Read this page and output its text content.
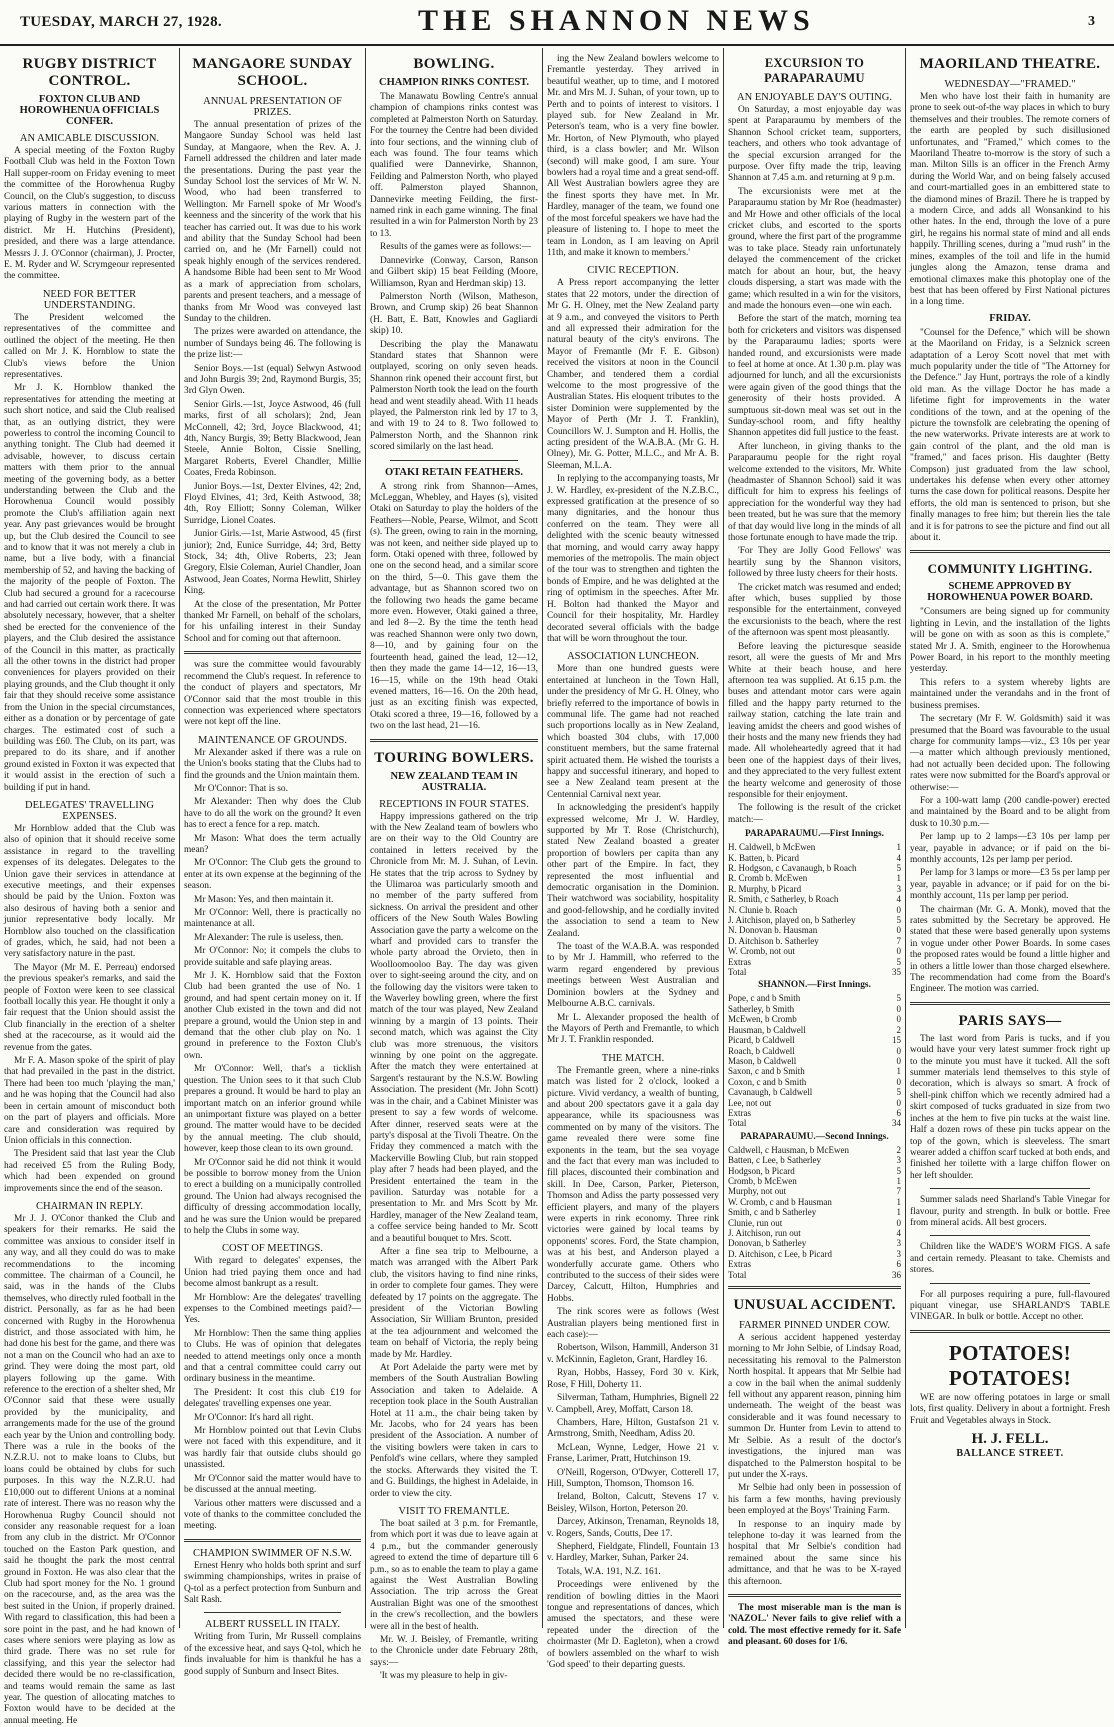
TUESDAY, MARCH 27, 1928.	THE SHANNON NEWS	3
RUGBY DISTRICT CONTROL.
FOXTON CLUB AND HOROWHENUA OFFICIALS CONFER.
AN AMICABLE DISCUSSION.

A special meeting of the Foxton Rugby Football Club was held in the Foxton Town Hall supper-room on Friday evening to meet the committee of the Horowhenua Rugby Council, on the Club's suggestion, to discuss various matters in connection with the playing of Rugby in the western part of the district. Mr H. Hutchins (President), presided, and there was a large attendance. Messrs J. J. O'Connor (chairman), J. Procter, E. M. Ryder and W. Scrymgeour represented the committee.

NEED FOR BETTER UNDERSTANDING.

The President welcomed the representatives of the committee and outlined the object of the meeting. He then called on Mr J. K. Hornblow to state the Club's views before the Union representatives.

Mr J. K. Hornblow thanked the representatives for attending the meeting at such short notice, and said the Club realised that, as an outlying district, they were powerless to control the incoming Council to anything tonight. The Club had deemed it advisable, however, to discuss certain matters with them prior to the annual meeting of the governing body, as a better understanding between the Club and the Horowhenua Council would possibly promote the Club's affiliation again next year. Any past grievances would be brought up, but the Club desired the Council to see and to know that it was not merely a club in name, but a live body, with a financial membership of 52, and having the backing of the majority of the people of Foxton. The Club had secured a ground for a racecourse and had carried out certain work there. It was absolutely necessary, however, that a shelter shed be erected for the convenience of the players, and the Club desired the assistance of the Council in this matter, as practically all the other towns in the district had proper conveniences for players provided on their playing grounds, and the Club thought it only fair that they should receive some assistance from the Union in the special circumstances, either as a donation or by percentage of gate charges. The estimated cost of such a building was £60. The Club, on its part, was prepared to do its share, and if another ground existed in Foxton it was expected that it would assist in the erection of such a building if put in hand.

DELEGATES' TRAVELLING EXPENSES.

Mr Hornblow added that the Club was also of opinion that it should receive some assistance in regard to the travelling expenses of its delegates. Delegates to the Union gave their services in attendance at executive meetings, and their expenses should be paid by the Union. Foxton was also desirous of having both a senior and junior representative body locally. Mr Hornblow also touched on the classification of grades, which, he said, had not been a very satisfactory nature in the past.

The Mayor (Mr M. E. Perreau) endorsed the previous speaker's remarks, and said the people of Foxton were keen to see classical football locally this year. He thought it only a fair request that the Union should assist the Club financially in the erection of a shelter shed at the racecourse, as it would aid the revenue from the gates.

Mr F. A. Mason spoke of the spirit of play that had prevailed in the past in the district. There had been too much 'playing the man,' and he was hoping that the Council had also been in certain amount of misconduct both on the part of players and officials. More care and consideration was required by Union officials in this connection.

The President said that last year the Club had received £5 from the Ruling Body, which had been expended on ground improvements since the end of the season.

CHAIRMAN IN REPLY.

Mr J. J. O'Conor thanked the Club and speakers for their remarks. He said the committee was anxious to consider itself in any way, and all they could do was to make recommendations to the incoming committee. The chairman of a Council, he said, was in the hands of the Clubs themselves, who directly ruled football in the district. Personally, as far as he had been concerned with Rugby in the Horowhenua district, and those associated with him, he had done his best for the game, and there was not a man on the Council who had an axe to grind. They were doing the most part, old players following up the game. With reference to the erection of a shelter shed, Mr O'Connor said that these were usually provided by the municipality, and arrangements made for the use of the ground each year by the Union and controlling body. There was a rule in the books of the N.Z.R.U. not to make loans to Clubs, but loans could be obtained by clubs for such purposes. In this way the N.Z.R.U. had £10,000 out to different Unions at a nominal rate of interest. There was no reason why the Horowhenua Rugby Council should not consider any reasonable request for a loan from any club in the district. Mr O'Connor touched on the Easton Park question, and said he thought the park the most central ground in Foxton. He was also clear that the Club had sport money for the No. 1 ground on the racecourse, and, as the area was the best suited in the Union, if properly drained. With regard to classification, this had been a sore point in the past, and he had known of cases where seniors were playing as low as third grade. There was no set rule for classifying, and this year the selector had decided there would be no re-classification, and teams would remain the same as last year. The question of allocating matches to Foxton would have to be decided at the annual meeting. He

MANGAORE SUNDAY SCHOOL.
ANNUAL PRESENTATION OF PRIZES.

The annual presentation of prizes of the Mangaore Sunday School was held last Sunday, at Mangaore, when the Rev. A. J. Farnell addressed the children and later made the presentations. During the past year the Sunday School lost the services of Mr W. N. Wood, who had been transferred to Wellington. Mr Farnell spoke of Mr Wood's keenness and the sincerity of the work that his teacher has carried out. It was due to his work and ability that the Sunday School had been carried on, and he (Mr Farnell) could not speak highly enough of the services rendered. A handsome Bible had been sent to Mr Wood as a mark of appreciation from scholars, parents and present teachers, and a message of thanks from Mr Wood was conveyed last Sunday to the children.

The prizes were awarded on attendance, the number of Sundays being 46. The following is the prize list:—

Senior Boys.—1st (equal) Selwyn Astwood and John Burgis 39; 2nd, Raymond Burgis, 35; 3rd Glyn Owen.

Senior Girls.—1st, Joyce Astwood, 46 (full marks, first of all scholars); 2nd, Jean McConnell, 42; 3rd, Joyce Blackwood, 41; 4th, Nancy Burgis, 39; Betty Blackwood, Jean Steele, Annie Bolton, Cissie Snelling, Margaret Roberts, Everel Chandler, Millie Coates, Freda Robinson.

Junior Boys.—1st, Dexter Elvines, 42; 2nd, Floyd Elvines, 41; 3rd, Keith Astwood, 38; 4th, Roy Elliott; Sonny Coleman, Wilker Surridge, Lionel Coates.

Junior Girls.—1st, Marie Astwood, 45 (first junior); 2nd, Eunice Surridge, 44; 3rd, Betty Stock, 34; 4th, Olive Roberts, 23; Jean Gregory, Elsie Coleman, Auriel Chandler, Joan Astwood, Jean Coates, Norma Hewlitt, Shirley King.

At the close of the presentation, Mr Potter thanked Mr Farnell, on behalf of the scholars, for his unfailing interest in their Sunday School and for coming out that afternoon.

was sure the committee would favourably recommend the Club's request. In reference to the conduct of players and spectators, Mr O'Connor said that the most trouble in this connection was experienced where spectators were not kept off the line.

MAINTENANCE OF GROUNDS.

Mr Alexander asked if there was a rule on the Union's books stating that the Clubs had to find the grounds and the Union maintain them.

Mr O'Connor: That is so.

Mr Alexander: Then why does the Club have to do all the work on the ground? It even has to erect a fence for a rep. match.

Mr Mason: What does the term actually mean?

Mr O'Connor: The Club gets the ground to enter at its own expense at the beginning of the season.

Mr Mason: Yes, and then maintain it.

Mr O'Connor: Well, there is practically no maintenance at all.

Mr Alexander: The rule is useless, then.

Mr O'Connor: No; it compels the clubs to provide suitable and safe playing areas.

Mr J. K. Hornblow said that the Foxton Club had been granted the use of No. 1 ground, and had spent certain money on it. If another Club existed in the town and did not prepare a ground, would the Union step in and demand that the other club play on No. 1 ground in preference to the Foxton Club's own.

Mr O'Connor: Well, that's a ticklish question. The Union sees to it that such Club prepares a ground. It would be hard to play an important match on an inferior ground while an unimportant fixture was played on a better ground. The matter would have to be decided by the annual meeting. The club should, however, keep those clean to its own ground.

Mr O'Connor said he did not think it would be possible to borrow money from the Union to erect a building on a municipally controlled ground. The Union had always recognised the difficulty of dressing accommodation locally, and he was sure the Union would be prepared to help the Clubs in some way.

COST OF MEETINGS.

With regard to delegates' expenses, the Union had tried paying them once and had become almost bankrupt as a result.

Mr Hornblow: Are the delegates' travelling expenses to the Combined meetings paid?—Yes.

Mr Hornblow: Then the same thing applies to Clubs. He was of opinion that delegates needed to attend meetings only once a month and that a central committee could carry out ordinary business in the meantime.

The President: It cost this club £19 for delegates' travelling expenses one year.

Mr O'Connor: It's hard all right.

Mr Hornblow pointed out that Levin Clubs were not faced with this expenditure, and it was hardly fair that outside clubs should go unassisted.

Mr O'Connor said the matter would have to be discussed at the annual meeting.

Various other matters were discussed and a vote of thanks to the committee concluded the meeting.

CHAMPION SWIMMER OF N.S.W.

Ernest Henry who holds both sprint and surf swimming championships, writes in praise of Q-tol as a perfect protection from Sunburn and Salt Rash.

ALBERT RUSSELL IN ITALY.

Writing from Turin, Mr Russell complains of the excessive heat, and says Q-tol, which he finds invaluable for him is thankful he has a good supply of Sunburn and Insect Bites.

BOWLING.
CHAMPION RINKS CONTEST.

The Manawatu Bowling Centre's annual champion of champions rinks contest was completed at Palmerston North on Saturday. For the tourney the Centre had been divided into four sections, and the winning club of each was found. The four teams which qualified were Dannevirke, Shannon, Feilding and Palmerston North, who played off. Palmerston played Shannon, Dannevirke meeting Feilding, the first-named rink in each game winning. The final resulted in a win for Palmerston North by 23 to 13.

Results of the games were as follows:—

Dannevirke (Conway, Carson, Ranson and Gilbert skip) 15 beat Feilding (Moore, Williamson, Ryan and Herdman skip) 13.

Palmerston North (Wilson, Matheson, Brown, and Crump skip) 26 beat Shannon (H. Batt, E. Batt, Knowles and Gagliardi skip) 10.

Describing the play the Manawatu Standard states that Shannon were outplayed, scoring on only seven heads. Shannon rink opened their account first, but Palmerston North took the lead on the fourth head and went steadily ahead. With 11 heads played, the Palmerston rink led by 17 to 3, and with 19 to 24 to 8. Two followed to Palmerston North, and the Shannon rink scored similarly on the last head.

OTAKI RETAIN FEATHERS.

A strong rink from Shannon—Ames, McLeggan, Whebley, and Hayes (s), visited Otaki on Saturday to play the holders of the Feathers—Noble, Pearse, Wilmot, and Scott (s). The green, owing to rain in the morning, was not keen, and neither side played up to form. Otaki opened with three, followed by one on the second head, and a similar score on the third, 5—0. This gave them the advantage, but as Shannon scored two on the following two heads the game became more even. However, Otaki gained a three, and led 8—2. By the time the tenth head was reached Shannon were only two down, 8—10, and by gaining four on the fourteenth head, gained the lead, 12—12, then they made the game 14—12, 16—13, 16—15, while on the 19th head Otaki evened matters, 16—16. On the 20th head, just as an exciting finish was expected, Otaki scored a three, 19—16, followed by a two on the last head, 21—16.

TOURING BOWLERS.
NEW ZEALAND TEAM IN AUSTRALIA.
RECEPTIONS IN FOUR STATES.

Happy impressions gathered on the trip with the New Zealand team of bowlers who are on their way to the Old Country are contained in letters received by the Chronicle from Mr. M. J. Suhan, of Levin. He states that the trip across to Sydney by the Ulimaroa was particularly smooth and no member of the party suffered from sickness. On arrival the president and other officers of the New South Wales Bowling Association gave the party a welcome on the wharf and provided cars to transfer the whole party abroad the Orvieto, then in Woolloomooloo Bay. The day was given over to sight-seeing around the city, and on the following day the visitors were taken to the Waverley bowling green, where the first match of the tour was played, New Zealand winning by a margin of 13 points. Their second match, which was against the City club was more strenuous, the visitors winning by one point on the aggregate. After the match they were entertained at Sargent's restaurant by the N.S.W. Bowling Association. The president (Mr. John Scott) was in the chair, and a Cabinet Minister was present to say a few words of welcome. After dinner, reserved seats were at the party's disposal at the Tivoli Theatre. On the Friday they commenced a match with the Mackerville Bowling Club, but rain stopped play after 7 heads had been played, and the President entertained the team in the pavilion. Saturday was notable for a presentation to Mr. and Mrs Scott by Mr. Hardley, manager of the New Zealand team, a coffee service being handed to Mr. Scott and a beautiful bouquet to Mrs. Scott.

After a fine sea trip to Melbourne, a match was arranged with the Albert Park club, the visitors having to find nine rinks, in order to complete four games. They were defeated by 17 points on the aggregate. The president of the Victorian Bowling Association, Sir William Brunton, presided at the tea adjournment and welcomed the team on behalf of Victoria, the reply being made by Mr. Hardley.

At Port Adelaide the party were met by members of the South Australian Bowling Association and taken to Adelaide. A reception took place in the South Australian Hotel at 11 a.m., the chair being taken by Mr. Jacobs, who for 24 years has been president of the Association. A number of the visiting bowlers were taken in cars to Penfold's wine cellars, where they sampled the stocks. Afterwards they visited the T. and G. Buildings, the highest in Adelaide, in order to view the city.

VISIT TO FREMANTLE.

The boat sailed at 3 p.m. for Fremantle, from which port it was due to leave again at 4 p.m., but the commander generously agreed to extend the time of departure till 6 p.m., so as to enable the team to play a game against the West Australian Bowling Association. The trip across the Great Australian Bight was one of the smoothest in the crew's recollection, and the bowlers were all in the best of health.

Mr. W. J. Beisley, of Fremantle, writing to the Chronicle under date February 28th, says:—

'It was my pleasure to help in giv-

ing the New Zealand bowlers welcome to Fremantle yesterday. They arrived in beautiful weather, up to time, and I motored Mr. and Mrs M. J. Suhan, of your town, up to Perth and to points of interest to visitors. I played sub. for New Zealand in Mr. Peterson's team, who is a very fine bowler. Mr. Horton, of New Plymouth, who played third, is a class bowler; and Mr. Wilson (second) will make good, I am sure. Your bowlers had a royal time and a great send-off. All West Australian bowlers agree they are the finest sports they have met. In Mr. Hardley, manager of the team, we found one of the most forceful speakers we have had the pleasure of listening to. I hope to meet the team in London, as I am leaving on April 11th, and make it known to members.'

CIVIC RECEPTION.

A Press report accompanying the letter states that 22 motors, under the direction of Mr G. H. Olney, met the New Zealand party at 9 a.m., and conveyed the visitors to Perth and all expressed their admiration for the natural beauty of the city's environs. The Mayor of Fremantle (Mr F. E. Gibson) received the visitors at noon in the Council Chamber, and tendered them a cordial welcome to the most progressive of the Australian States. His eloquent tributes to the sister Dominion were supplemented by the Mayor of Perth (Mr J. T. Franklin), Councillors W. J. Sumpton and H. Hollis, the acting president of the W.A.B.A. (Mr G. H. Olney), Mr. G. Potter, M.L.C., and Mr A. B. Sleeman, M.L.A.

In replying to the accompanying toasts, Mr J. W. Hardley, ex-president of the N.Z.B.C., expressed gratification at the presence of so many dignitaries, and the honour thus conferred on the team. They were all delighted with the scenic beauty witnessed that morning, and would carry away happy memories of the metropolis. The main object of the tour was to strengthen and tighten the bonds of Empire, and he was delighted at the ring of optimism in the speeches. After Mr. H. Bolton had thanked the Mayor and Council for their hospitality, Mr. Hardley decorated several officials with the badge that will be worn throughout the tour.

ASSOCIATION LUNCHEON.

More than one hundred guests were entertained at luncheon in the Town Hall, under the presidency of Mr G. H. Olney, who briefly referred to the importance of bowls in communal life. The game had not reached such proportions locally as in New Zealand, which boasted 304 clubs, with 17,000 constituent members, but the same fraternal spirit actuated them. He wished the tourists a happy and successful itinerary, and hoped to see a New Zealand team present at the Centennial Carnival next year.

In acknowledging the president's happily expressed welcome, Mr J. W. Hardley, supported by Mr T. Rose (Christchurch), stated New Zealand boasted a greater proportion of bowlers per capita than any other part of the Empire. In fact, they represented the most influential and democratic organisation in the Dominion. Their watchword was sociability, hospitality and good-fellowship, and he cordially invited the association to send a team to New Zealand.

The toast of the W.A.B.A. was responded to by Mr J. Hammill, who referred to the warm regard engendered by previous meetings between West Australian and Dominion bowlers at the Sydney and Melbourne A.B.C. carnivals.

Mr L. Alexander proposed the health of the Mayors of Perth and Fremantle, to which Mr J. T. Franklin responded.

THE MATCH.

The Fremantle green, where a nine-rinks match was listed for 2 o'clock, looked a picture. Vivid verdancy, a wealth of bunting, and about 200 spectators gave it a gala day appearance, while its spaciousness was commented on by many of the visitors. The game revealed there were some fine exponents in the team, but the sea voyage and the fact that every man was included to fill places, discounted their combination and skill. In Dee, Carson, Parker, Pieterson, Thomson and Adiss the party possessed very efficient players, and many of the players were experts in rink economy. Three rink victories were gained by local teams by opponents' scores. Ford, the State champion, was at his best, and Anderson played a wonderfully accurate game. Others who contributed to the success of their sides were Darcey, Calcutt, Hilton, Humphries and Hobbs.

The rink scores were as follows (West Australian players being mentioned first in each case):—

Robertson, Wilson, Hammill, Anderson 31 v. McKinnin, Eagleton, Grant, Hardley 16.

Ryan, Hobbs, Hassey, Ford 30 v. Kirk, Rose, F Hill, Doherty 11.

Silverman, Tatham, Humphries, Bignell 22 v. Campbell, Arey, Moffatt, Carson 18.

Chambers, Hare, Hilton, Gustafson 21 v. Armstrong, Smith, Needham, Adiss 20.

McLean, Wynne, Ledger, Howe 21 v. Franse, Larimer, Pratt, Hutchinson 19.

O'Neill, Rogerson, O'Dwyer, Cotterell 17, Hill, Sumpton, Thomson, Thomson 16.

Ireland, Bolton, Calcutt, Stevens 17 v. Beisley, Wilson, Horton, Peterson 20.

Darcey, Atkinson, Trenaman, Reynolds 18, v. Rogers, Sands, Coutts, Dee 17.

Shepherd, Fieldgate, Flindell, Fountain 13 v. Hardley, Marker, Suhan, Parker 24.

Totals, W.A. 191, N.Z. 161.

Proceedings were enlivened by the rendition of bowling ditties in the Maori tongue and representations of dances, which amused the spectators, and these were repeated under the direction of the choirmaster (Mr D. Eagleton), when a crowd of bowlers assembled on the wharf to wish 'God speed' to their departing guests.

EXCURSION TO PARAPARAUMU
AN ENJOYABLE DAY'S OUTING.

On Saturday, a most enjoyable day was spent at Paraparaumu by members of the Shannon School cricket team, supporters, teachers, and others who took advantage of the special excursion arranged for the purpose. Over fifty made the trip, leaving Shannon at 7.45 a.m. and returning at 9 p.m.

The excursionists were met at the Paraparaumu station by Mr Roe (headmaster) and Mr Howe and other officials of the local cricket clubs, and escorted to the sports ground, where the first part of the programme was to take place. Steady rain unfortunately delayed the commencement of the cricket match for about an hour, but, the heavy clouds dispersing, a start was made with the game; which resulted in a win for the visitors, and made the honours even—one win each.

Before the start of the match, morning tea both for cricketers and visitors was dispensed by the Paraparaumu ladies; sports were handed round, and excursionists were made to feel at home at once. At 1.30 p.m. play was adjourned for lunch, and all the excursionists were again given of the good things that the generosity of their hosts provided. A sumptuous sit-down meal was set out in the Sunday-school room, and fifty healthy Shannon appetites did full justice to the feast.

After luncheon, in giving thanks to the Paraparaumu people for the right royal welcome extended to the visitors, Mr. White (headmaster of Shannon School) said it was difficult for him to express his feelings of appreciation for the wonderful way they had been treated, but he was sure that the memory of that day would live long in the minds of all those fortunate enough to have made the trip.

'For They are Jolly Good Fellows' was heartily sung by the Shannon visitors, followed by three lusty cheers for their hosts.

The cricket match was resumed and ended; after which, buses supplied by those responsible for the entertainment, conveyed the excursionists to the beach, where the rest of the afternoon was spent most pleasantly.

Before leaving the picturesque seaside resort, all were the guests of Mr and Mrs White at their beach house, and here afternoon tea was supplied. At 6.15 p.m. the buses and attendant motor cars were again filled and the happy party returned to the railway station, catching the late train and leaving amidst the cheers and good wishes of their hosts and the many new friends they had made. All wholeheartedly agreed that it had been one of the happiest days of their lives, and they appreciated to the very fullest extent the hearty welcome and generosity of those responsible for their enjoyment.

The following is the result of the cricket match:—

PARAPARAUMU.—First Innings.
H. Caldwell, b McEwen	1
K. Batten, b. Picard	4
R. Hodgson, c Cavanaugh, b Roach	5
R. Cromb b. McEwen	1
R. Murphy, b Picard	3
R. Smith, c Satherley, b Roach	4
N. Clunie b. Roach	0
J. Aitchison, played on, b Satherley	5
N. Donovan b. Hausman	0
D. Aitchison b. Satherley	7
W. Cromb, not out	0
Extras	5
Total	35
SHANNON.—First Innings.
Pope, c and b Smith	5
Satherley, b Smith	0
McEwen, b Cromb	0
Hausman, b Caldwell	2
Picard, b Caldwell	15
Roach, b Caldwell	0
Mason, b Caldwell	0
Saxon, c and b Smith	1
Coxon, c and b Smith	0
Cavanaugh, b Caldwell	5
Lee, not out	0
Extras	6
Total	34
PARAPARAUMU.—Second Innings.
Caldwell, c Hausman, b McEwen	2
Batten, c Lee, b Satherley	3
Hodgson, b Picard	5
Cromb, b McEwen	1
Murphy, not out	7
W. Cromb, c and b Hausman	1
Smith, c and b Satherley	1
Clunie, run out	0
J. Aitchison, run out	4
Donovan, b Satherley	3
D. Aitchison, c Lee, b Picard	3
Extras	6
Total	36
UNUSUAL ACCIDENT.
FARMER PINNED UNDER COW.

A serious accident happened yesterday morning to Mr John Selbie, of Lindsay Road, necessitating his removal to the Palmerston North hospital. It appears that Mr Selbie had a cow in the bail when the animal suddenly fell without any apparent reason, pinning him underneath. The weight of the beast was considerable and it was found necessary to summon Dr. Hunter from Levin to attend to Mr Selbie. As a result of the doctor's investigations, the injured man was dispatched to the Palmerston hospital to be put under the X-rays.

Mr Selbie had only been in possession of his farm a few months, having previously been employed at the Boys' Training Farm.

In response to an inquiry made by telephone to-day it was learned from the hospital that Mr Selbie's condition had remained about the same since his admittance, and that he was to be X-rayed this afternoon.

The most miserable man is the man is 'NAZOL.' Never fails to give relief with a cold. The most effective remedy for it. Safe and pleasant. 60 doses for 1/6.

MAORILAND THEATRE.
WEDNESDAY—"FRAMED."

Men who have lost their faith in humanity are prone to seek out-of-the way places in which to bury themselves and their troubles. The remote corners of the earth are peopled by such disillusioned unfortunates, and "Framed," which comes to the Maoriland Theatre to-morrow is the story of such a man. Milton Sills is an officer in the French Army during the World War, and on being falsely accused and court-martialled goes in an embittered state to the diamond mines of Brazil. There he is trapped by a modern Circe, and adds all Wonsankind to his other hates. In the end, through the love of a pure girl, he regains his normal state of mind and all ends happily. Thrilling scenes, during a "mud rush" in the mines, examples of the toil and life in the humid jungles along the Amazon, tense drama and emotional climaxes make this photoplay one of the best that has been offered by First National pictures in a long time.

FRIDAY.

"Counsel for the Defence," which will be shown at the Maoriland on Friday, is a Selznick screen adaptation of a Leroy Scott novel that met with much popularity under the title of "The Attorney for the Defence." Jay Hunt, portrays the role of a kindly old man. As the village Doctor he has made a lifetime fight for improvements in the water conditions of the town, and at the opening of the picture the townsfolk are celebrating the opening of the new waterworks. Private interests are at work to gain control of the plant, and the old man is "framed," and faces prison. His daughter (Betty Compson) just graduated from the law school, undertakes his defense when every other attorney turns the case down for political reasons. Despite her efforts, the old man is sentenced to prison, but she finally manages to free him; but therein lies the tale and it is for patrons to see the picture and find out all about it.

COMMUNITY LIGHTING.
SCHEME APPROVED BY HOROWHENUA POWER BOARD.

"Consumers are being signed up for community lighting in Levin, and the installation of the lights will be gone on with as soon as this is complete," stated Mr J. A. Smith, engineer to the Horowhenua Power Board, in his report to the monthly meeting yesterday.

This refers to a system whereby lights are maintained under the verandahs and in the front of business premises.

The secretary (Mr F. W. Goldsmith) said it was presumed that the Board was favourable to the usual charge for community lamps—viz., £3 10s per year—a matter which although previously mentioned, had not actually been decided upon. The following rates were now submitted for the Board's approval or otherwise:—

For a 100-watt lamp (200 candle-power) erected and maintained by the Board and to be alight from dusk to 10.30 p.m.—

Per lamp up to 2 lamps—£3 10s per lamp per year, payable in advance; or if paid on the bi-monthly accounts, 12s per lamp per period.

Per lamp for 3 lamps or more—£3 5s per lamp per year, payable in advance; or if paid for on the bi-monthly account, 11s per lamp per period.

The chairman (Mr. G. A. Monk), moved that the rates submitted by the Secretary be approved. He stated that these were based generally upon systems in vogue under other Power Boards. In some cases the proposed rates would be found a little higher and in others a little lower than those charged elsewhere. The recommendation had come from the Board's Engineer. The motion was carried.

PARIS SAYS—

The last word from Paris is tucks, and if you would have your very latest summer frock right up to the minute you must have it tucked. All the soft summer materials lend themselves to this style of decoration, which is always so smart. A frock of shell-pink chiffon which we recently admired had a skirt composed of tucks graduated in size from two inches at the hem to five pin tucks at the waist line. Half a dozen rows of these pin tucks appear on the top of the gown, which is sleeveless. The smart wearer added a chiffon scarf tucked at both ends, and finished her toilette with a large chiffon flower on her left shoulder.

Summer salads need Sharland's Table Vinegar for flavour, purity and strength. In bulk or bottle. Free from mineral acids. All best grocers.

Children like the WADE'S WORM FIGS. A safe and certain remedy. Pleasant to take. Chemists and stores.

For all purposes requiring a pure, full-flavoured piquant vinegar, use SHARLAND'S TABLE VINEGAR. In bulk or bottle. Accept no other.

POTATOES! POTATOES!

WE are now offering potatoes in large or small lots, first quality. Delivery in about a fortnight. Fresh Fruit and Vegetables always in Stock.

H. J. FELL.
BALLANCE STREET.
